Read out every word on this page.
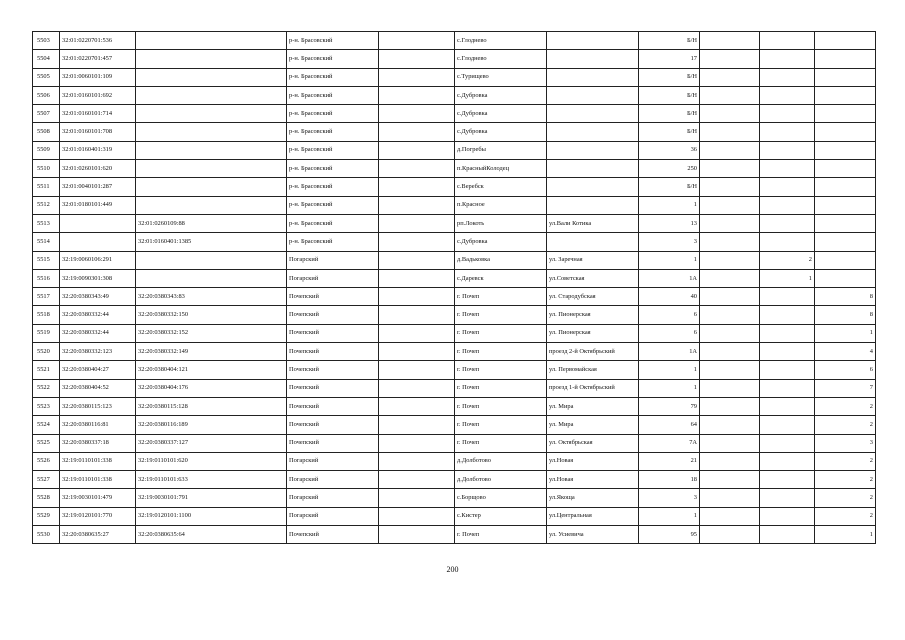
5503	32:01:0220701:536		р-н. Брасовский		с.Глоднево		Б/Н			
5504	32:01:0220701:457		р-н. Брасовский		с.Глоднево		17			
5505	32:01:0060101:109		р-н. Брасовский		с.Турищево		Б/Н			
5506	32:01:0160101:692		р-н. Брасовский		с.Дубровка		Б/Н			
5507	32:01:0160101:714		р-н. Брасовский		с.Дубровка		Б/Н			
5508	32:01:0160101:708		р-н. Брасовский		с.Дубровка		Б/Н			
5509	32:01:0160401:319		р-н. Брасовский		д.Погребы		36			
5510	32:01:0260101:620		р-н. Брасовский		п.КрасныйКолодец		250			
5511	32:01:0040101:287		р-н. Брасовский		с.Веребск		Б/Н			
5512	32:01:0180101:449		р-н. Брасовский		п.Красное		1			
5513		32:01:0260109:88	р-н. Брасовский		рп.Локоть	ул.Вали Котика	13			
5514		32:01:0160401:1385	р-н. Брасовский		с.Дубровка		3			
5515	32:19:0060106:291		Погарский		д.Вадьковка	ул. Заречная	1		2	
5516	32:19:0090301:308		Погарский		с.Даревск	ул.Советская	1А		1	
5517	32:20:0380343:49	32:20:0380343:83	Почепский		г. Почеп	ул. Стародубская	40			8
5518	32:20:0380332:44	32:20:0380332:150	Почепский		г. Почеп	ул. Пионерская	6			8
5519	32:20:0380332:44	32:20:0380332:152	Почепский		г. Почеп	ул. Пионерская	6			1
5520	32:20:0380332:123	32:20:0380332:149	Почепский		г. Почеп	проезд 2-й Октябрьский	1А			4
5521	32:20:0380404:27	32:20:0380404:121	Почепский		г. Почеп	ул. Первомайская	1			6
5522	32:20:0380404:52	32:20:0380404:176	Почепский		г. Почеп	проезд 1-й Октябрьский	1			7
5523	32:20:0380115:123	32:20:0380115:128	Почепский		г. Почеп	ул. Мира	79			2
5524	32:20:0380116:81	32:20:0380116:189	Почепский		г. Почеп	ул. Мира	64			2
5525	32:20:0380337:18	32:20:0380337:127	Почепский		г. Почеп	ул. Октябрьская	7А			3
5526	32:19:0110101:338	32:19:0110101:620	Погарский		д.Долботово	ул.Новая	21			2
5527	32:19:0110101:338	32:19:0110101:633	Погарский		д.Долботово	ул.Новая	18			2
5528	32:19:0030101:479	32:19:0030101:791	Погарский		с.Борщово	ул.Якоща	3			2
5529	32:19:0120101:770	32:19:0120101:1100	Погарский		с.Кистер	ул.Центральная	1			2
5530	32:20:0380635:27	32:20:0380635:64	Почепский		г. Почеп	ул. Усиевича	95			1
200
